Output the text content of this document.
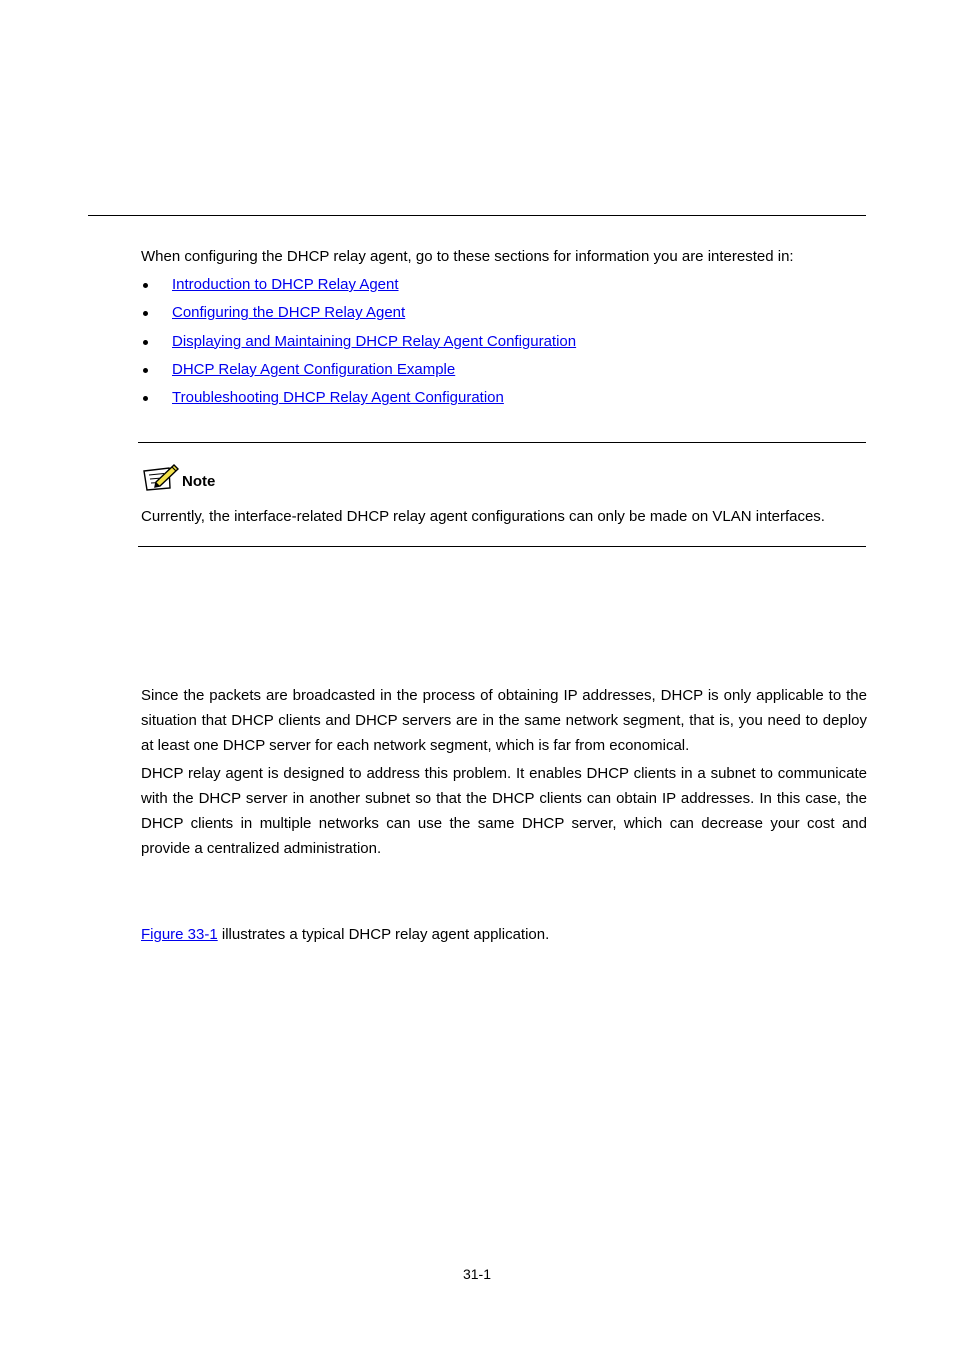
When configuring the DHCP relay agent, go to these sections for information you are interested in:
Introduction to DHCP Relay Agent
Configuring the DHCP Relay Agent
Displaying and Maintaining DHCP Relay Agent Configuration
DHCP Relay Agent Configuration Example
Troubleshooting DHCP Relay Agent Configuration
Note
Currently, the interface-related DHCP relay agent configurations can only be made on VLAN interfaces.
Since the packets are broadcasted in the process of obtaining IP addresses, DHCP is only applicable to the situation that DHCP clients and DHCP servers are in the same network segment, that is, you need to deploy at least one DHCP server for each network segment, which is far from economical.
DHCP relay agent is designed to address this problem. It enables DHCP clients in a subnet to communicate with the DHCP server in another subnet so that the DHCP clients can obtain IP addresses. In this case, the DHCP clients in multiple networks can use the same DHCP server, which can decrease your cost and provide a centralized administration.
Figure 33-1 illustrates a typical DHCP relay agent application.
31-1
